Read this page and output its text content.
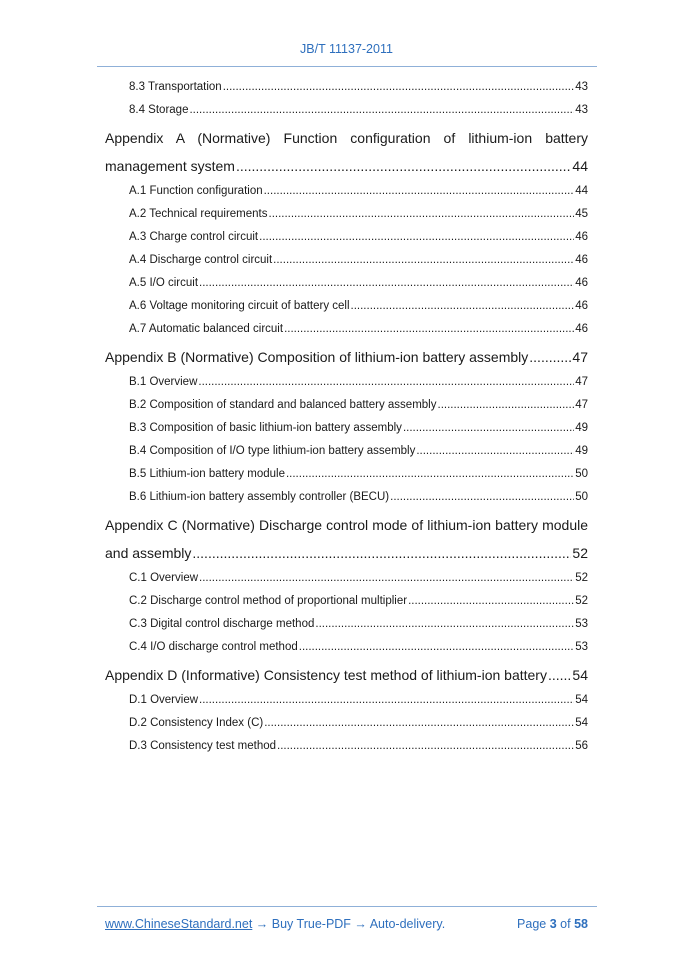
JB/T 11137-2011
8.3 Transportation .....	43
8.4 Storage .....	43
Appendix A (Normative) Function configuration of lithium-ion battery
management system .....	44
A.1 Function configuration .....	44
A.2 Technical requirements .....	45
A.3 Charge control circuit .....	46
A.4 Discharge control circuit .....	46
A.5 I/O circuit .....	46
A.6 Voltage monitoring circuit of battery cell .....	46
A.7 Automatic balanced circuit .....	46
Appendix B (Normative) Composition of lithium-ion battery assembly .....	47
B.1 Overview .....	47
B.2 Composition of standard and balanced battery assembly .....	47
B.3 Composition of basic lithium-ion battery assembly .....	49
B.4 Composition of I/O type lithium-ion battery assembly .....	49
B.5 Lithium-ion battery module .....	50
B.6 Lithium-ion battery assembly controller (BECU) .....	50
Appendix C (Normative) Discharge control mode of lithium-ion battery module
and assembly .....	52
C.1 Overview .....	52
C.2 Discharge control method of proportional multiplier .....	52
C.3 Digital control discharge method .....	53
C.4 I/O discharge control method .....	53
Appendix D (Informative) Consistency test method of lithium-ion battery ..... 54
D.1 Overview .....	54
D.2 Consistency Index (C) .....	54
D.3 Consistency test method .....	56
www.ChineseStandard.net → Buy True-PDF → Auto-delivery.	Page 3 of 58
